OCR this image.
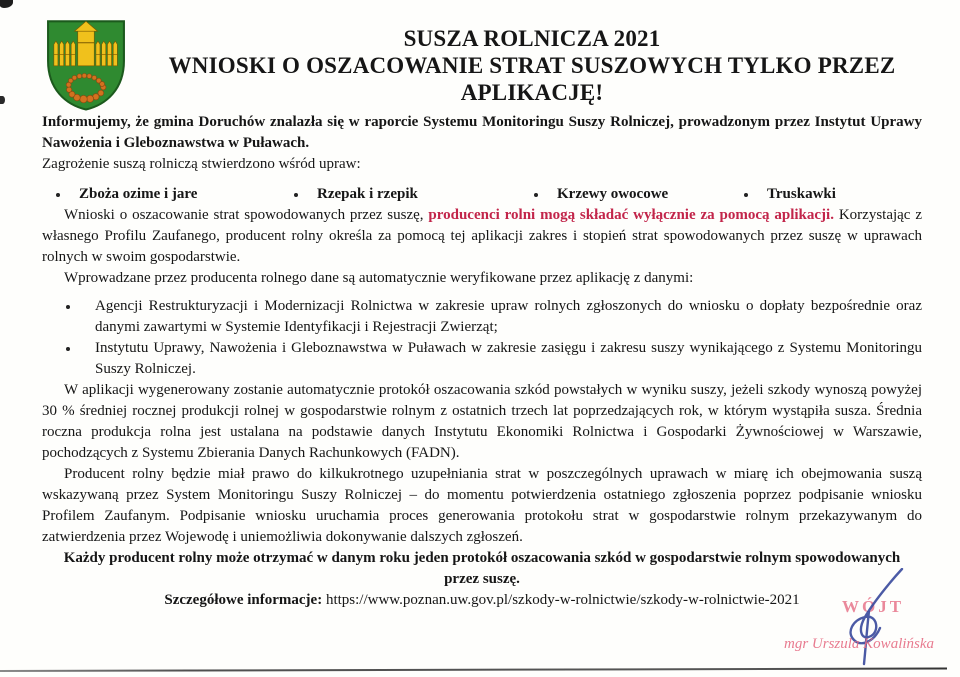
SUSZA ROLNICZA 2021
WNIOSKI O OSZACOWANIE STRAT SUSZOWYCH TYLKO PRZEZ
APLIKACJĘ!

Informujemy, że gmina Doruchów znalazła się w raporcie Systemu Monitoringu Suszy Rolniczej, prowadzonym przez Instytut Uprawy Nawożenia i Gleboznawstwa w Puławach.

Zagrożenie suszą rolniczą stwierdzono wśród upraw:

Zboża ozime i jare	Rzepak i rzepik	Krzewy owocowe	Truskawki

Wnioski o oszacowanie strat spowodowanych przez suszę, producenci rolni mogą składać wyłącznie za pomocą aplikacji. Korzystając z własnego Profilu Zaufanego, producent rolny określa za pomocą tej aplikacji zakres i stopień strat spowodowanych przez suszę w uprawach rolnych w swoim gospodarstwie.

Wprowadzane przez producenta rolnego dane są automatycznie weryfikowane przez aplikację z danymi:

Agencji Restrukturyzacji i Modernizacji Rolnictwa w zakresie upraw rolnych zgłoszonych do wniosku o dopłaty bezpośrednie oraz danymi zawartymi w Systemie Identyfikacji i Rejestracji Zwierząt;
Instytutu Uprawy, Nawożenia i Gleboznawstwa w Puławach w zakresie zasięgu i zakresu suszy wynikającego z Systemu Monitoringu Suszy Rolniczej.

W aplikacji wygenerowany zostanie automatycznie protokół oszacowania szkód powstałych w wyniku suszy, jeżeli szkody wynoszą powyżej 30 % średniej rocznej produkcji rolnej w gospodarstwie rolnym z ostatnich trzech lat poprzedzających rok, w którym wystąpiła susza. Średnia roczna produkcja rolna jest ustalana na podstawie danych Instytutu Ekonomiki Rolnictwa i Gospodarki Żywnościowej w Warszawie, pochodzących z Systemu Zbierania Danych Rachunkowych (FADN).

Producent rolny będzie miał prawo do kilkukrotnego uzupełniania strat w poszczególnych uprawach w miarę ich obejmowania suszą wskazywaną przez System Monitoringu Suszy Rolniczej – do momentu potwierdzenia ostatniego zgłoszenia poprzez podpisanie wniosku Profilem Zaufanym. Podpisanie wniosku uruchamia proces generowania protokołu strat w gospodarstwie rolnym przekazywanym do zatwierdzenia przez Wojewodę i uniemożliwia dokonywanie dalszych zgłoszeń.

Każdy producent rolny może otrzymać w danym roku jeden protokół oszacowania szkód w gospodarstwie rolnym spowodowanych przez suszę.

Szczegółowe informacje: https://www.poznan.uw.gov.pl/szkody-w-rolnictwie/szkody-w-rolnictwie-2021	WÓJT
mgr Urszula Kowalińska
